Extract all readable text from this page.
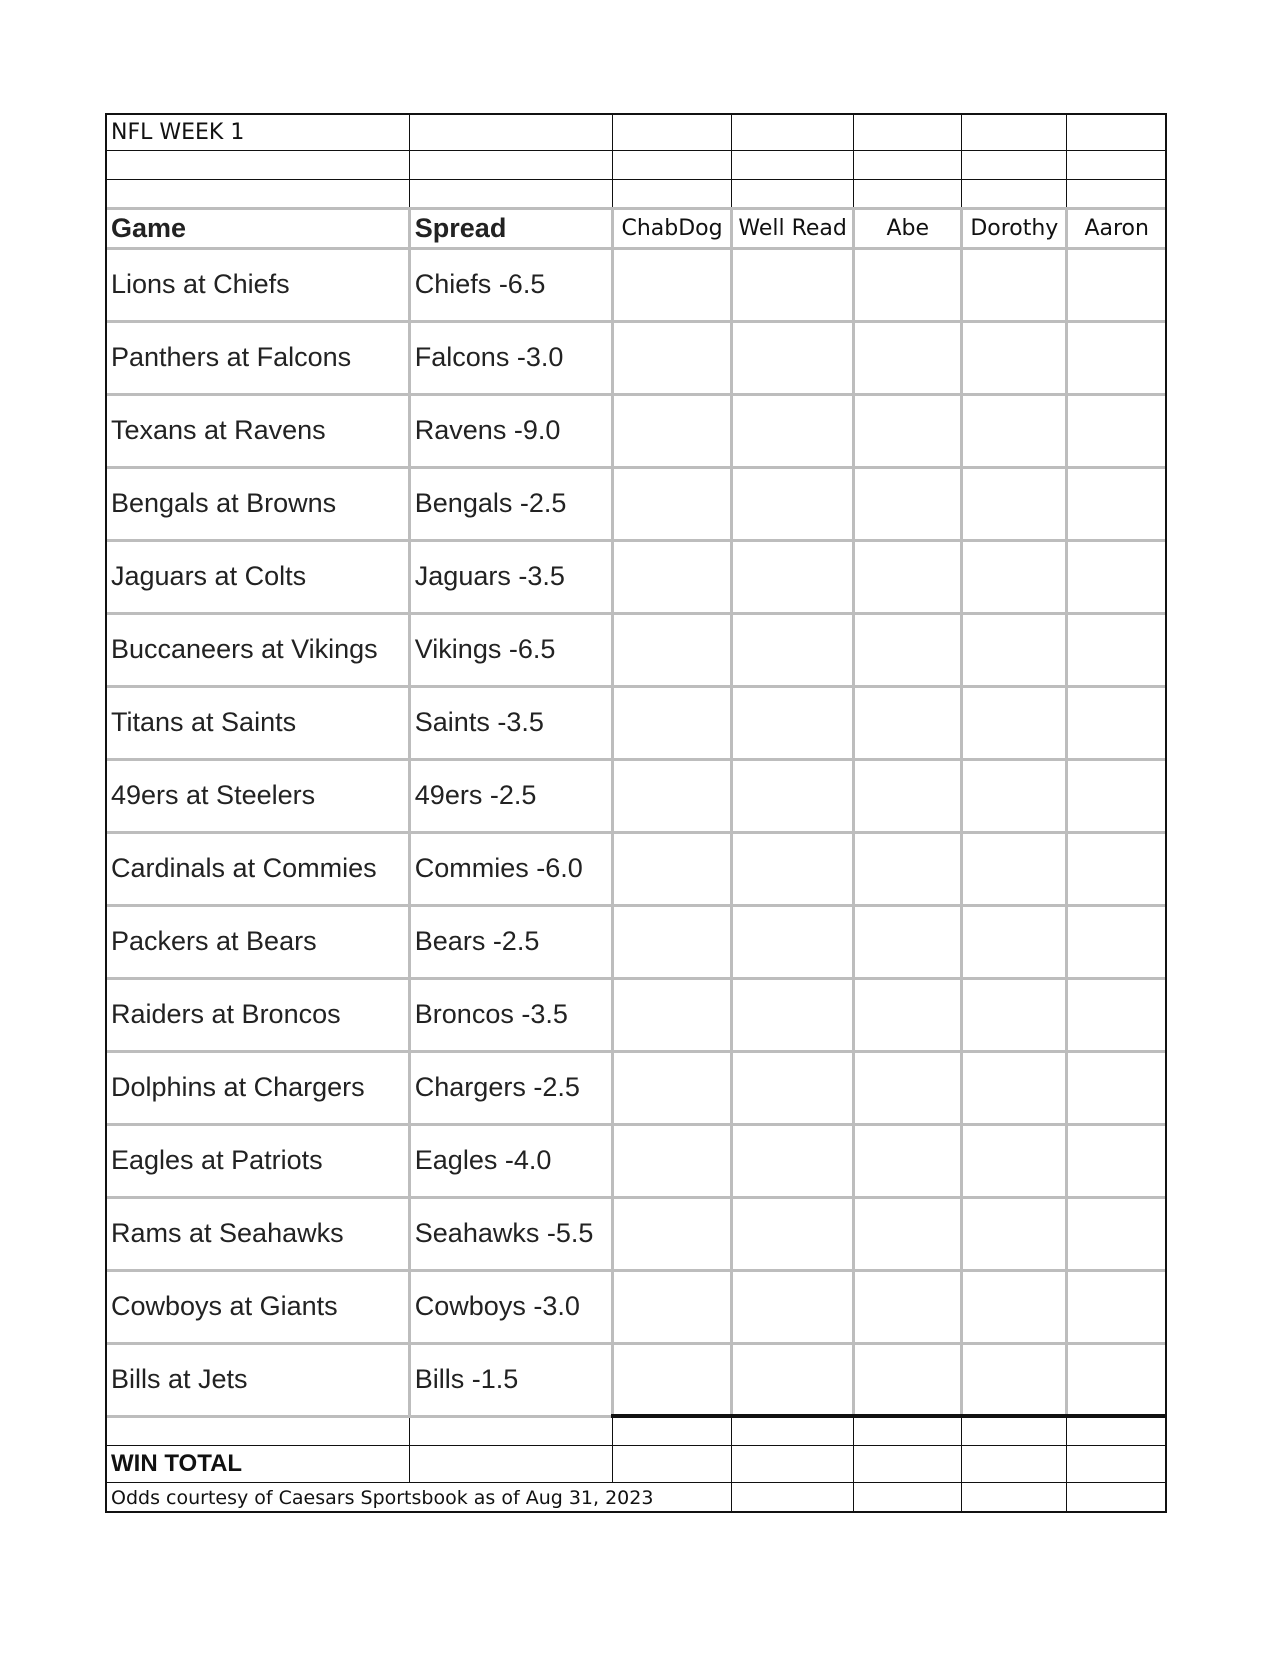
NFL WEEK 1						

Game	Spread	ChabDog	Well Read	Abe	Dorothy	Aaron
Lions at Chiefs	Chiefs -6.5					
Panthers at Falcons	Falcons -3.0					
Texans at Ravens	Ravens -9.0					
Bengals at Browns	Bengals -2.5					
Jaguars at Colts	Jaguars -3.5					
Buccaneers at Vikings	Vikings -6.5					
Titans at Saints	Saints -3.5					
49ers at Steelers	49ers -2.5					
Cardinals at Commies	Commies -6.0					
Packers at Bears	Bears -2.5					
Raiders at Broncos	Broncos -3.5					
Dolphins at Chargers	Chargers -2.5					
Eagles at Patriots	Eagles -4.0					
Rams at Seahawks	Seahawks -5.5					
Cowboys at Giants	Cowboys -3.0					
Bills at Jets	Bills -1.5					

WIN TOTAL						
Odds courtesy of Caesars Sportsbook as of Aug 31, 2023						
